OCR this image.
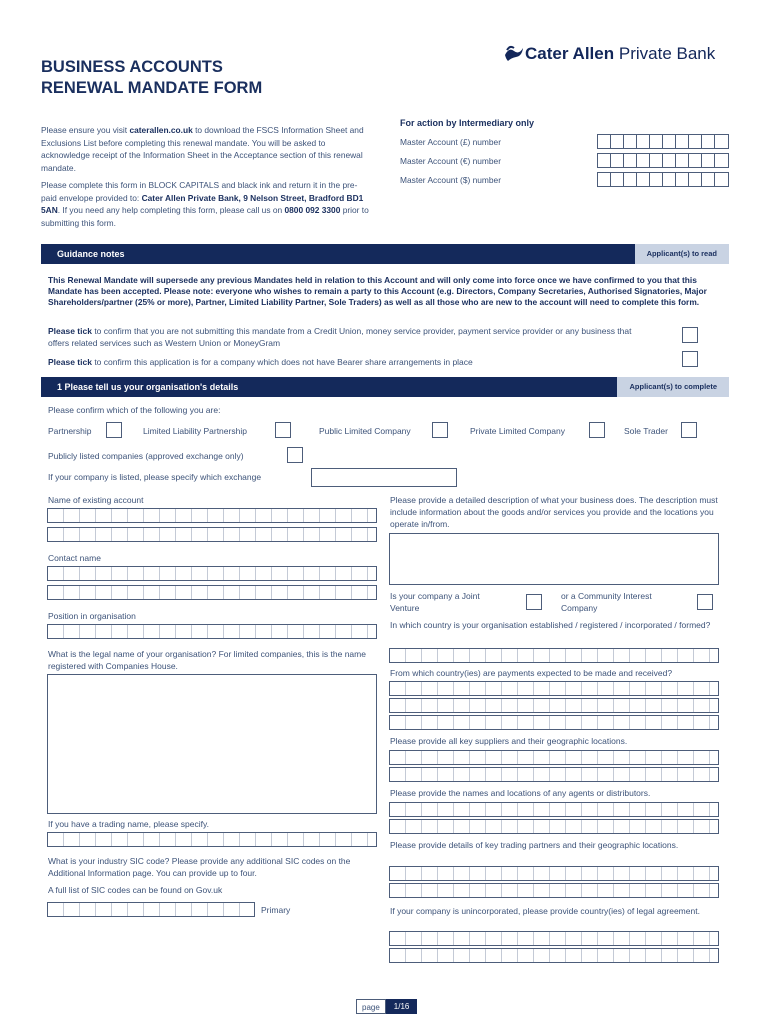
BUSINESS ACCOUNTS
RENEWAL MANDATE FORM
Cater Allen Private Bank
Please ensure you visit caterallen.co.uk to download the FSCS Information Sheet and Exclusions List before completing this renewal mandate. You will be asked to acknowledge receipt of the Information Sheet in the Acceptance section of this renewal mandate.
Please complete this form in BLOCK CAPITALS and black ink and return it in the pre-paid envelope provided to: Cater Allen Private Bank, 9 Nelson Street, Bradford BD1 5AN. If you need any help completing this form, please call us on 0800 092 3300 prior to submitting this form.
For action by Intermediary only
Master Account (£) number
Master Account (€) number
Master Account ($) number
Guidance notes	Applicant(s) to read
This Renewal Mandate will supersede any previous Mandates held in relation to this Account and will only come into force once we have confirmed to you that this Mandate has been accepted. Please note: everyone who wishes to remain a party to this Account (e.g. Directors, Company Secretaries, Authorised Signatories, Major Shareholders/partner (25% or more), Partner, Limited Liability Partner, Sole Traders) as well as all those who are new to the account will need to complete this form.
Please tick to confirm that you are not submitting this mandate from a Credit Union, money service provider, payment service provider or any business that offers related services such as Western Union or MoneyGram
Please tick to confirm this application is for a company which does not have Bearer share arrangements in place
1 Please tell us your organisation's details	Applicant(s) to complete
Please confirm which of the following you are:
Partnership	Limited Liability Partnership	Public Limited Company	Private Limited Company	Sole Trader
Publicly listed companies (approved exchange only)
If your company is listed, please specify which exchange
Name of existing account
Contact name
Position in organisation
What is the legal name of your organisation? For limited companies, this is the name registered with Companies House.
If you have a trading name, please specify.
What is your industry SIC code? Please provide any additional SIC codes on the Additional Information page. You can provide up to four.
A full list of SIC codes can be found on Gov.uk
Primary
Please provide a detailed description of what your business does. The description must include information about the goods and/or services you provide and the locations you operate in/from.
Is your company a Joint Venture
or a Community Interest Company
In which country is your organisation established / registered / incorporated / formed?
From which country(ies) are payments expected to be made and received?
Please provide all key suppliers and their geographic locations.
Please provide the names and locations of any agents or distributors.
Please provide details of key trading partners and their geographic locations.
If your company is unincorporated, please provide country(ies) of legal agreement.
page	1/16
